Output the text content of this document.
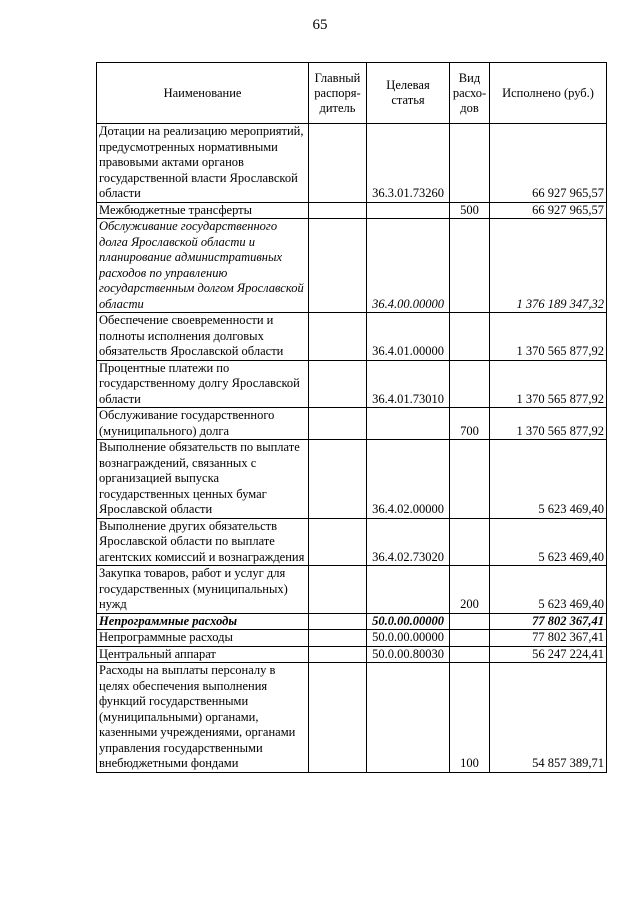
65
Наименование	Главный распоря-дитель	Целевая статья	Вид расхо-дов	Исполнено (руб.)
Дотации на реализацию мероприятий, предусмотренных нормативными правовыми актами органов государственной власти Ярославской области		36.3.01.73260		66 927 965,57
Межбюджетные трансферты			500	66 927 965,57
Обслуживание государственного долга Ярославской области и планирование административных расходов по управлению государственным долгом Ярославской области		36.4.00.00000		1 376 189 347,32
Обеспечение своевременности и полноты исполнения долговых обязательств Ярославской области		36.4.01.00000		1 370 565 877,92
Процентные платежи по государственному долгу Ярославской области		36.4.01.73010		1 370 565 877,92
Обслуживание государственного (муниципального) долга			700	1 370 565 877,92
Выполнение обязательств по выплате вознаграждений, связанных с организацией выпуска государственных ценных бумаг Ярославской области		36.4.02.00000		5 623 469,40
Выполнение других обязательств Ярославской области по выплате агентских комиссий и вознаграждения		36.4.02.73020		5 623 469,40
Закупка товаров, работ и услуг для государственных (муниципальных) нужд			200	5 623 469,40
Непрограммные расходы		50.0.00.00000		77 802 367,41
Непрограммные расходы		50.0.00.00000		77 802 367,41
Центральный аппарат		50.0.00.80030		56 247 224,41
Расходы на выплаты персоналу в целях обеспечения выполнения функций государственными (муниципальными) органами, казенными учреждениями, органами управления государственными внебюджетными фондами			100	54 857 389,71
